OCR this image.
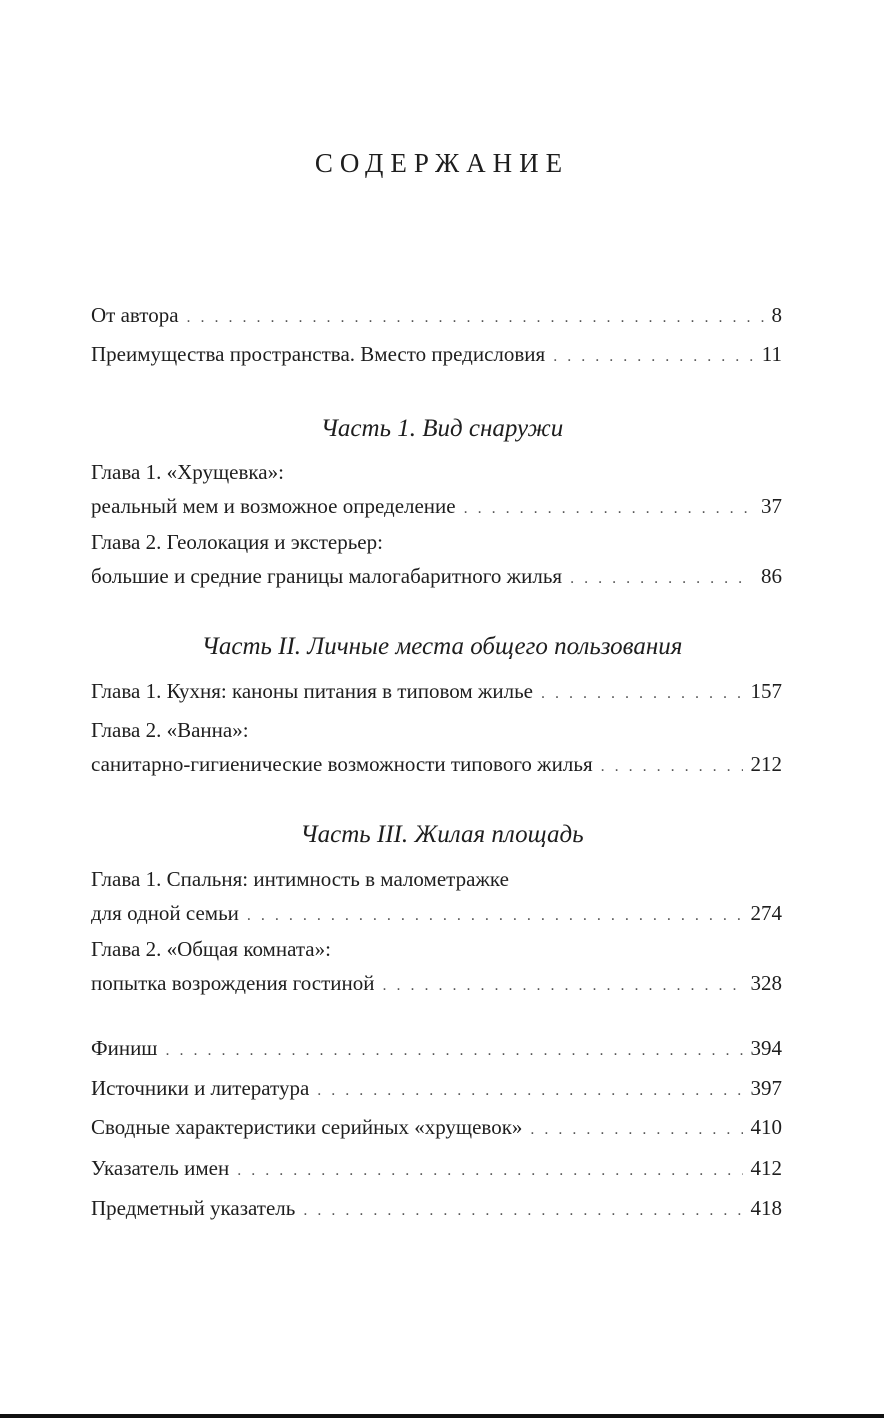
СОДЕРЖАНИЕ
От автора . . .	8
Преимущества пространства. Вместо предисловия . . .	11
Часть 1. Вид снаружи
Глава 1. «Хрущевка»:
реальный мем и возможное определение . . .	37
Глава 2. Геолокация и экстерьер:
большие и средние границы малогабаритного жилья . . .	86
Часть II. Личные места общего пользования
Глава 1. Кухня: каноны питания в типовом жилье . . .	157
Глава 2. «Ванна»:
санитарно-гигиенические возможности типового жилья . . .	212
Часть III. Жилая площадь
Глава 1. Спальня: интимность в малометражке
для одной семьи . . .	274
Глава 2. «Общая комната»:
попытка возрождения гостиной . . .	328
Финиш . . .	394
Источники и литература . . .	397
Сводные характеристики серийных «хрущевок» . . .	410
Указатель имен . . .	412
Предметный указатель . . .	418
